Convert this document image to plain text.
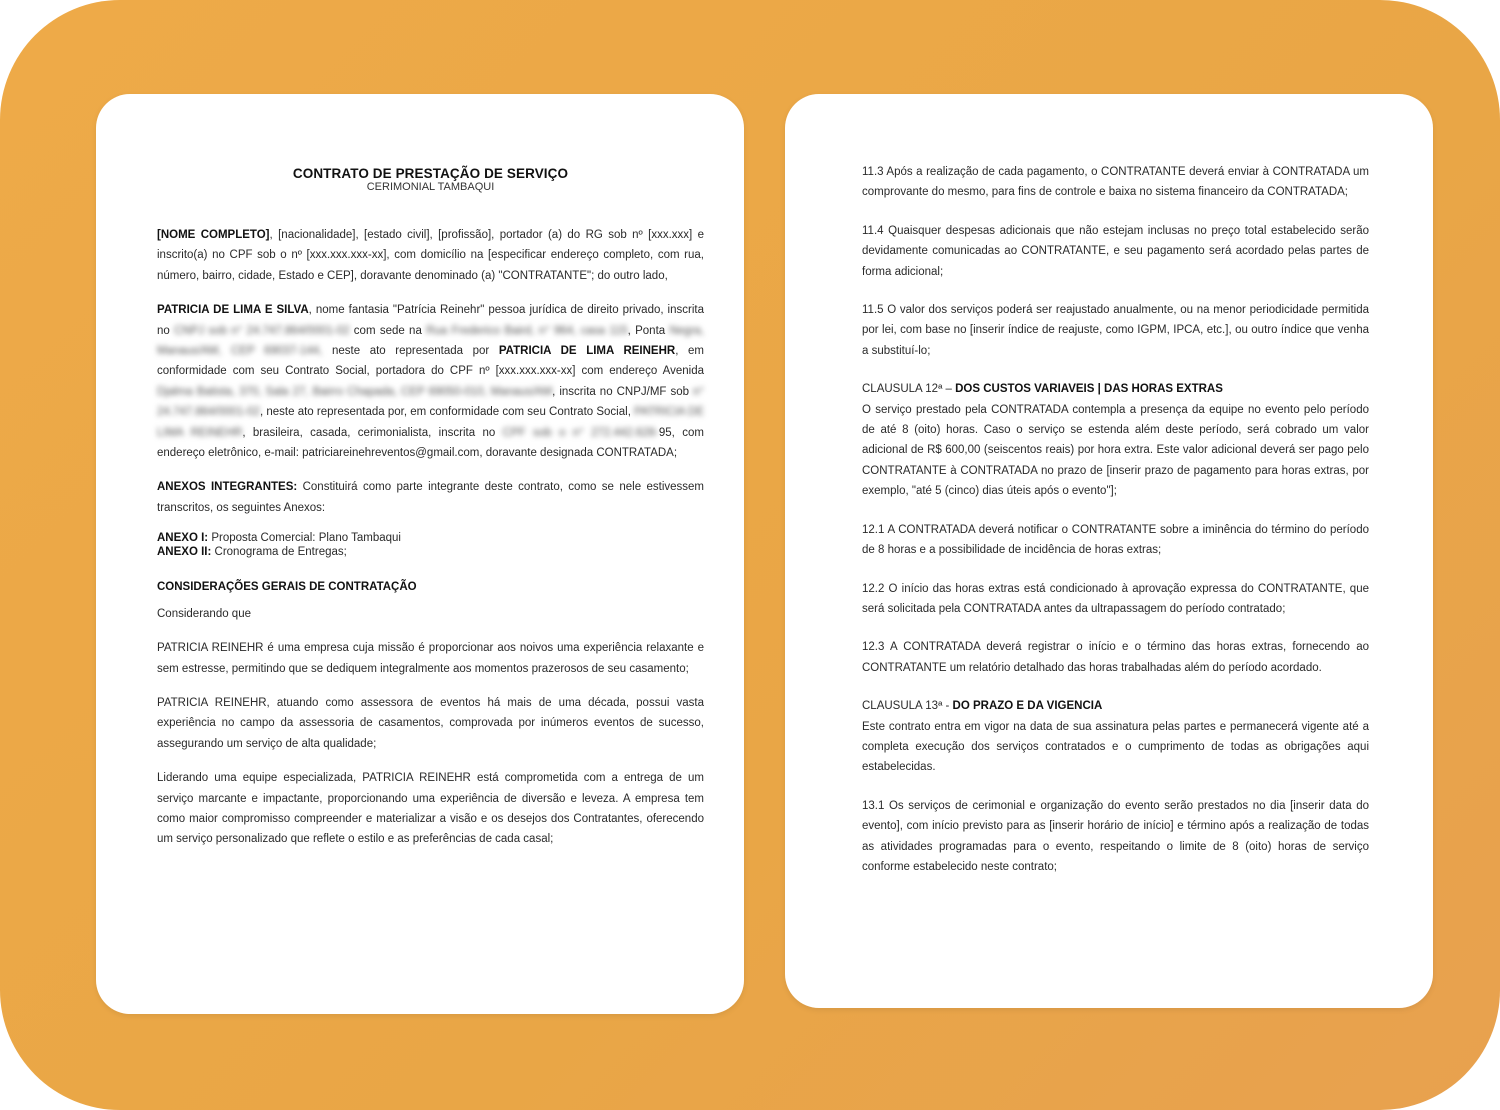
CONTRATO DE PRESTAÇÃO DE SERVIÇO
CERIMONIAL TAMBAQUI

[NOME COMPLETO], [nacionalidade], [estado civil], [profissão], portador (a) do RG sob nº [xxx.xxx] e inscrito(a) no CPF sob o nº [xxx.xxx.xxx-xx], com domicílio na [especificar endereço completo, com rua, número, bairro, cidade, Estado e CEP], doravante denominado (a) "CONTRATANTE"; do outro lado,

PATRICIA DE LIMA E SILVA, nome fantasia "Patrícia Reinehr" pessoa jurídica de direito privado, inscrita no CNPJ sob n° 24.747.864/0001-02 com sede na Rua Frederico Baird, n° 964, casa 115, Ponta Negra, Manaus/AM, CEP 69037-144, neste ato representada por PATRICIA DE LIMA REINEHR, em conformidade com seu Contrato Social, portadora do CPF nº [xxx.xxx.xxx-xx] com endereço Avenida Djalma Batista, 370, Sala 27, Bairro Chapada, CEP 69050-010, Manaus/AM, inscrita no CNPJ/MF sob n° 24.747.864/0001-02, neste ato representada por, em conformidade com seu Contrato Social, PATRICIA DE LIMA REINEHR, brasileira, casada, cerimonialista, inscrita no CPF sob o n° 272.442.628-95, com endereço eletrônico, e-mail: patriciareinehreventos@gmail.com, doravante designada CONTRATADA;

ANEXOS INTEGRANTES: Constituirá como parte integrante deste contrato, como se nele estivessem transcritos, os seguintes Anexos:

ANEXO I: Proposta Comercial: Plano Tambaqui

ANEXO II: Cronograma de Entregas;

CONSIDERAÇÕES GERAIS DE CONTRATAÇÃO

Considerando que

PATRICIA REINEHR é uma empresa cuja missão é proporcionar aos noivos uma experiência relaxante e sem estresse, permitindo que se dediquem integralmente aos momentos prazerosos de seu casamento;

PATRICIA REINEHR, atuando como assessora de eventos há mais de uma década, possui vasta experiência no campo da assessoria de casamentos, comprovada por inúmeros eventos de sucesso, assegurando um serviço de alta qualidade;

Liderando uma equipe especializada, PATRICIA REINEHR está comprometida com a entrega de um serviço marcante e impactante, proporcionando uma experiência de diversão e leveza. A empresa tem como maior compromisso compreender e materializar a visão e os desejos dos Contratantes, oferecendo um serviço personalizado que reflete o estilo e as preferências de cada casal;

11.3 Após a realização de cada pagamento, o CONTRATANTE deverá enviar à CONTRATADA um comprovante do mesmo, para fins de controle e baixa no sistema financeiro da CONTRATADA;

11.4 Quaisquer despesas adicionais que não estejam inclusas no preço total estabelecido serão devidamente comunicadas ao CONTRATANTE, e seu pagamento será acordado pelas partes de forma adicional;

11.5 O valor dos serviços poderá ser reajustado anualmente, ou na menor periodicidade permitida por lei, com base no [inserir índice de reajuste, como IGPM, IPCA, etc.], ou outro índice que venha a substituí-lo;

CLAUSULA 12ª – DOS CUSTOS VARIAVEIS | DAS HORAS EXTRAS

O serviço prestado pela CONTRATADA contempla a presença da equipe no evento pelo período de até 8 (oito) horas. Caso o serviço se estenda além deste período, será cobrado um valor adicional de R$ 600,00 (seiscentos reais) por hora extra. Este valor adicional deverá ser pago pelo CONTRATANTE à CONTRATADA no prazo de [inserir prazo de pagamento para horas extras, por exemplo, "até 5 (cinco) dias úteis após o evento"];

12.1 A CONTRATADA deverá notificar o CONTRATANTE sobre a iminência do término do período de 8 horas e a possibilidade de incidência de horas extras;

12.2 O início das horas extras está condicionado à aprovação expressa do CONTRATANTE, que será solicitada pela CONTRATADA antes da ultrapassagem do período contratado;

12.3 A CONTRATADA deverá registrar o início e o término das horas extras, fornecendo ao CONTRATANTE um relatório detalhado das horas trabalhadas além do período acordado.

CLAUSULA 13ª - DO PRAZO E DA VIGENCIA

Este contrato entra em vigor na data de sua assinatura pelas partes e permanecerá vigente até a completa execução dos serviços contratados e o cumprimento de todas as obrigações aqui estabelecidas.

13.1 Os serviços de cerimonial e organização do evento serão prestados no dia [inserir data do evento], com início previsto para as [inserir horário de início] e término após a realização de todas as atividades programadas para o evento, respeitando o limite de 8 (oito) horas de serviço conforme estabelecido neste contrato;
